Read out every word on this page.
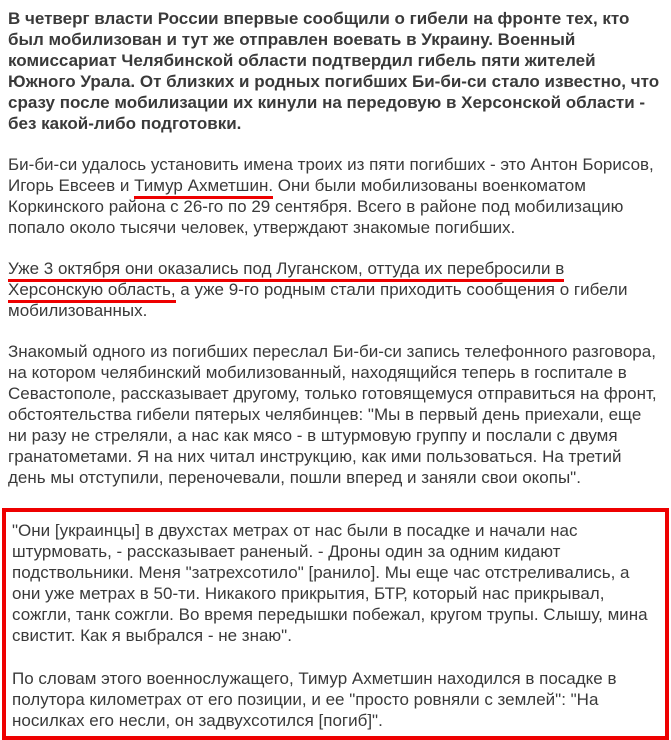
В четверг власти России впервые сообщили о гибели на фронте тех, кто был мобилизован и тут же отправлен воевать в Украину. Военный комиссариат Челябинской области подтвердил гибель пяти жителей Южного Урала. От близких и родных погибших Би-би-си стало известно, что сразу после мобилизации их кинули на передовую в Херсонской области - без какой-либо подготовки.

Би-би-си удалось установить имена троих из пяти погибших - это Антон Борисов, Игорь Евсеев и Тимур Ахметшин. Они были мобилизованы военкоматом Коркинского района с 26-го по 29 сентября. Всего в районе под мобилизацию попало около тысячи человек, утверждают знакомые погибших.

Уже 3 октября они оказались под Луганском, оттуда их перебросили в Херсонскую область, а уже 9-го родным стали приходить сообщения о гибели мобилизованных.

Знакомый одного из погибших переслал Би-би-си запись телефонного разговора, на котором челябинский мобилизованный, находящийся теперь в госпитале в Севастополе, рассказывает другому, только готовящемуся отправиться на фронт, обстоятельства гибели пятерых челябинцев: "Мы в первый день приехали, еще ни разу не стреляли, а нас как мясо - в штурмовую группу и послали с двумя гранатометами. Я на них читал инструкцию, как ими пользоваться. На третий день мы отступили, переночевали, пошли вперед и заняли свои окопы".

"Они [украинцы] в двухстах метрах от нас были в посадке и начали нас штурмовать, - рассказывает раненый. - Дроны один за одним кидают подствольники. Меня "затрехсотило" [ранило]. Мы еще час отстреливались, а они уже метрах в 50-ти. Никакого прикрытия, БТР, который нас прикрывал, сожгли, танк сожгли. Во время передышки побежал, кругом трупы. Слышу, мина свистит. Как я выбрался - не знаю".

По словам этого военнослужащего, Тимур Ахметшин находился в посадке в полутора километрах от его позиции, и ее "просто ровняли с землей": "На носилках его несли, он задвухсотился [погиб]".
